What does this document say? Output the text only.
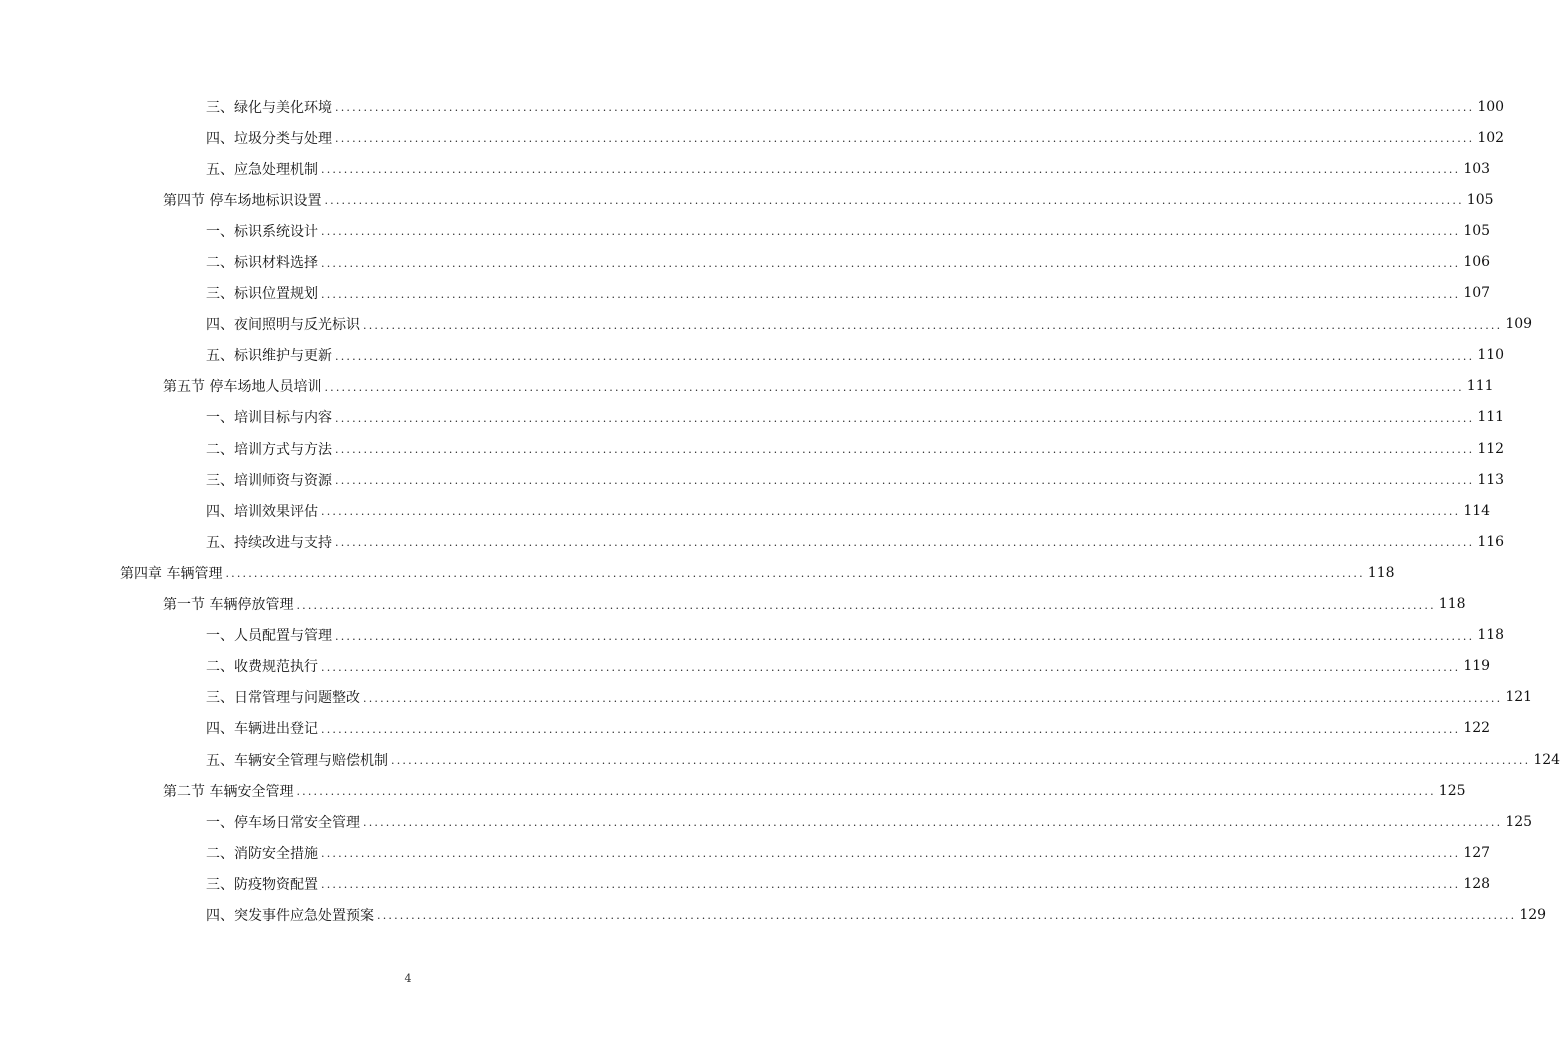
三、绿化与美化环境 ........................................................................................................................................................................................................ 100
四、垃圾分类与处理 ........................................................................................................................................................................................................ 102
五、应急处理机制 ........................................................................................................................................................................................................ 103
第四节 停车场地标识设置 ........................................................................................................................................................................................................ 105
一、标识系统设计 ........................................................................................................................................................................................................ 105
二、标识材料选择 ........................................................................................................................................................................................................ 106
三、标识位置规划 ........................................................................................................................................................................................................ 107
四、夜间照明与反光标识 ........................................................................................................................................................................................................ 109
五、标识维护与更新 ........................................................................................................................................................................................................ 110
第五节 停车场地人员培训 ........................................................................................................................................................................................................ 111
一、培训目标与内容 ........................................................................................................................................................................................................ 111
二、培训方式与方法 ........................................................................................................................................................................................................ 112
三、培训师资与资源 ........................................................................................................................................................................................................ 113
四、培训效果评估 ........................................................................................................................................................................................................ 114
五、持续改进与支持 ........................................................................................................................................................................................................ 116
第四章 车辆管理 ........................................................................................................................................................................................................ 118
第一节 车辆停放管理 ........................................................................................................................................................................................................ 118
一、人员配置与管理 ........................................................................................................................................................................................................ 118
二、收费规范执行 ........................................................................................................................................................................................................ 119
三、日常管理与问题整改 ........................................................................................................................................................................................................ 121
四、车辆进出登记 ........................................................................................................................................................................................................ 122
五、车辆安全管理与赔偿机制 ........................................................................................................................................................................................................ 124
第二节 车辆安全管理 ........................................................................................................................................................................................................ 125
一、停车场日常安全管理 ........................................................................................................................................................................................................ 125
二、消防安全措施 ........................................................................................................................................................................................................ 127
三、防疫物资配置 ........................................................................................................................................................................................................ 128
四、突发事件应急处置预案 ........................................................................................................................................................................................................ 129
4
